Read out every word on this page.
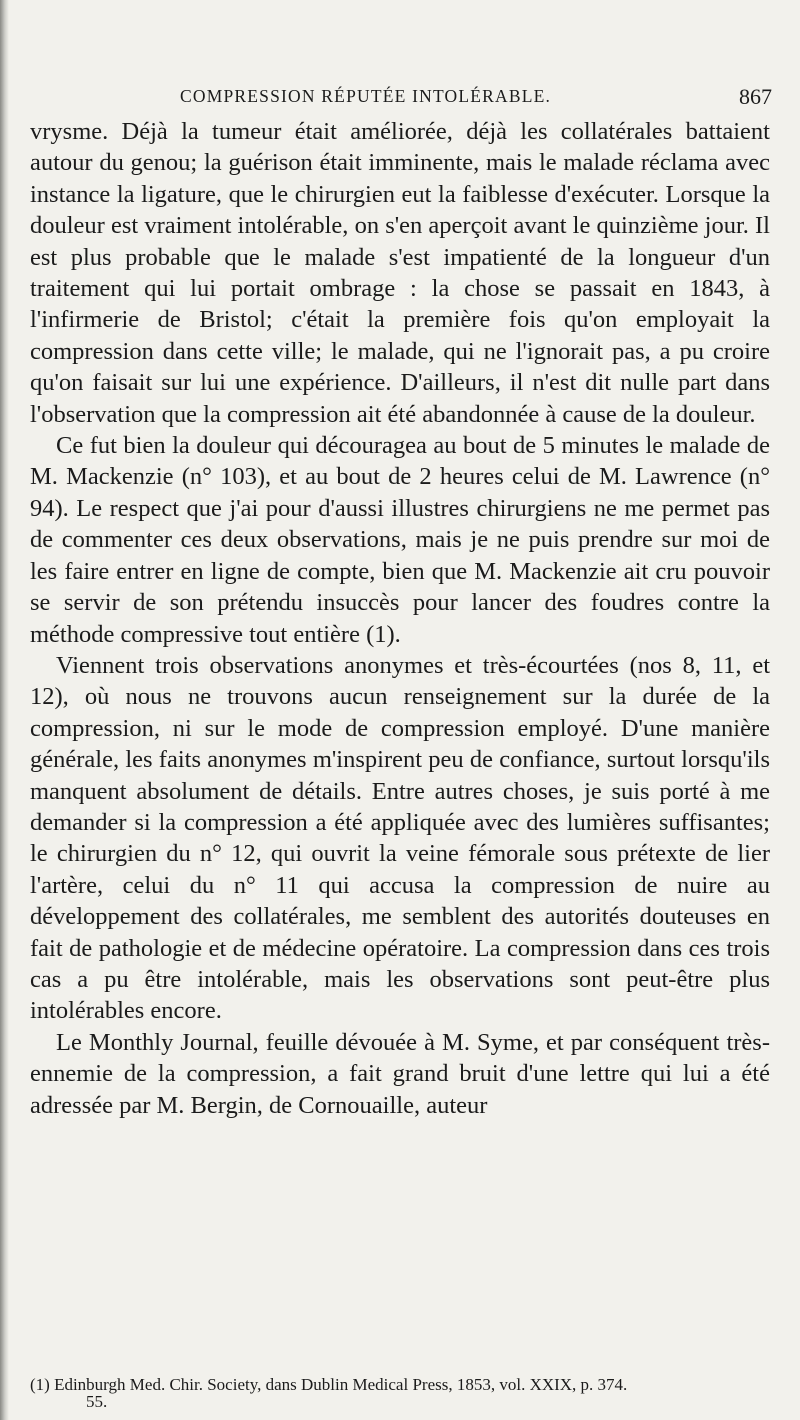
COMPRESSION RÉPUTÉE INTOLÉRABLE.	867

vrysme. Déjà la tumeur était améliorée, déjà les collatérales battaient autour du genou; la guérison était imminente, mais le malade réclama avec instance la ligature, que le chirurgien eut la faiblesse d'exécuter. Lorsque la douleur est vraiment intolérable, on s'en aperçoit avant le quinzième jour. Il est plus probable que le malade s'est impatienté de la longueur d'un traitement qui lui portait ombrage : la chose se passait en 1843, à l'infirmerie de Bristol; c'était la première fois qu'on employait la compression dans cette ville; le malade, qui ne l'ignorait pas, a pu croire qu'on faisait sur lui une expérience. D'ailleurs, il n'est dit nulle part dans l'observation que la compression ait été abandonnée à cause de la douleur.

Ce fut bien la douleur qui découragea au bout de 5 minutes le malade de M. Mackenzie (n° 103), et au bout de 2 heures celui de M. Lawrence (n° 94). Le respect que j'ai pour d'aussi illustres chirurgiens ne me permet pas de commenter ces deux observations, mais je ne puis prendre sur moi de les faire entrer en ligne de compte, bien que M. Mackenzie ait cru pouvoir se servir de son prétendu insuccès pour lancer des foudres contre la méthode compressive tout entière (1).

Viennent trois observations anonymes et très-écourtées (nos 8, 11, et 12), où nous ne trouvons aucun renseignement sur la durée de la compression, ni sur le mode de compression employé. D'une manière générale, les faits anonymes m'inspirent peu de confiance, surtout lorsqu'ils manquent absolument de détails. Entre autres choses, je suis porté à me demander si la compression a été appliquée avec des lumières suffisantes; le chirurgien du n° 12, qui ouvrit la veine fémorale sous prétexte de lier l'artère, celui du n° 11 qui accusa la compression de nuire au développement des collatérales, me semblent des autorités douteuses en fait de pathologie et de médecine opératoire. La compression dans ces trois cas a pu être intolérable, mais les observations sont peut-être plus intolérables encore.

Le Monthly Journal, feuille dévouée à M. Syme, et par conséquent très-ennemie de la compression, a fait grand bruit d'une lettre qui lui a été adressée par M. Bergin, de Cornouaille, auteur

(1) Edinburgh Med. Chir. Society, dans Dublin Medical Press, 1853, vol. XXIX, p. 374.
55.
